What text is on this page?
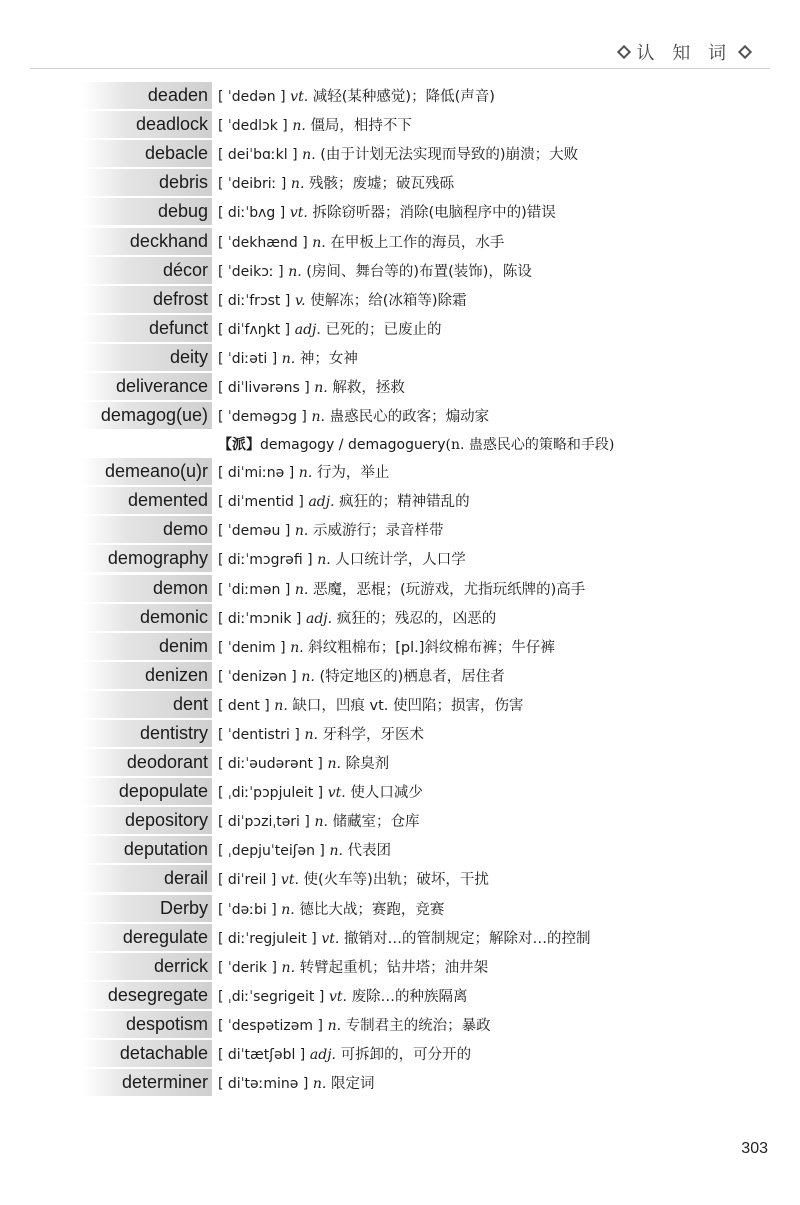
认 知 词
deaden [ ˈdedən ] vt. 减轻(某种感觉)；降低(声音)
deadlock [ ˈdedlɔk ] n. 僵局，相持不下
debacle [ deiˈbɑːkl ] n. (由于计划无法实现而导致的)崩溃；大败
debris [ ˈdeibriː ] n. 残骸；废墟；破瓦残砾
debug [ diːˈbʌg ] vt. 拆除窃听器；消除(电脑程序中的)错误
deckhand [ ˈdekhænd ] n. 在甲板上工作的海员，水手
décor [ ˈdeikɔː ] n. (房间、舞台等的)布置(装饰)，陈设
defrost [ diːˈfrɔst ] v. 使解冻；给(冰箱等)除霜
defunct [ diˈfʌŋkt ] adj. 已死的；已废止的
deity [ ˈdiːəti ] n. 神；女神
deliverance [ diˈlivərəns ] n. 解救，拯救
demagog(ue) [ ˈdeməgɔg ] n. 蛊惑民心的政客；煽动家
【派】demagogy / demagoguery(n. 蛊惑民心的策略和手段)
demeano(u)r [ diˈmiːnə ] n. 行为，举止
demented [ diˈmentid ] adj. 疯狂的；精神错乱的
demo [ ˈdeməu ] n. 示威游行；录音样带
demography [ diːˈmɔgrəfi ] n. 人口统计学，人口学
demon [ ˈdiːmən ] n. 恶魔，恶棍；(玩游戏，尤指玩纸牌的)高手
demonic [ diːˈmɔnik ] adj. 疯狂的；残忍的，凶恶的
denim [ ˈdenim ] n. 斜纹粗棉布；[pl.]斜纹棉布裤；牛仔裤
denizen [ ˈdenizən ] n. (特定地区的)栖息者，居住者
dent [ dent ] n. 缺口，凹痕 vt. 使凹陷；损害，伤害
dentistry [ ˈdentistri ] n. 牙科学，牙医术
deodorant [ diːˈəudərənt ] n. 除臭剂
depopulate [ ˌdiːˈpɔpjuleit ] vt. 使人口减少
depository [ diˈpɔziˌtəri ] n. 储藏室；仓库
deputation [ ˌdepjuˈteiʃən ] n. 代表团
derail [ diˈreil ] vt. 使(火车等)出轨；破坏，干扰
Derby [ ˈdəːbi ] n. 德比大战；赛跑，竞赛
deregulate [ diːˈregjuleit ] vt. 撤销对…的管制规定；解除对…的控制
derrick [ ˈderik ] n. 转臂起重机；钻井塔；油井架
desegregate [ ˌdiːˈsegrigeit ] vt. 废除…的种族隔离
despotism [ ˈdespətizəm ] n. 专制君主的统治；暴政
detachable [ diˈtætʃəbl ] adj. 可拆卸的，可分开的
determiner [ diˈtəːminə ] n. 限定词
303
